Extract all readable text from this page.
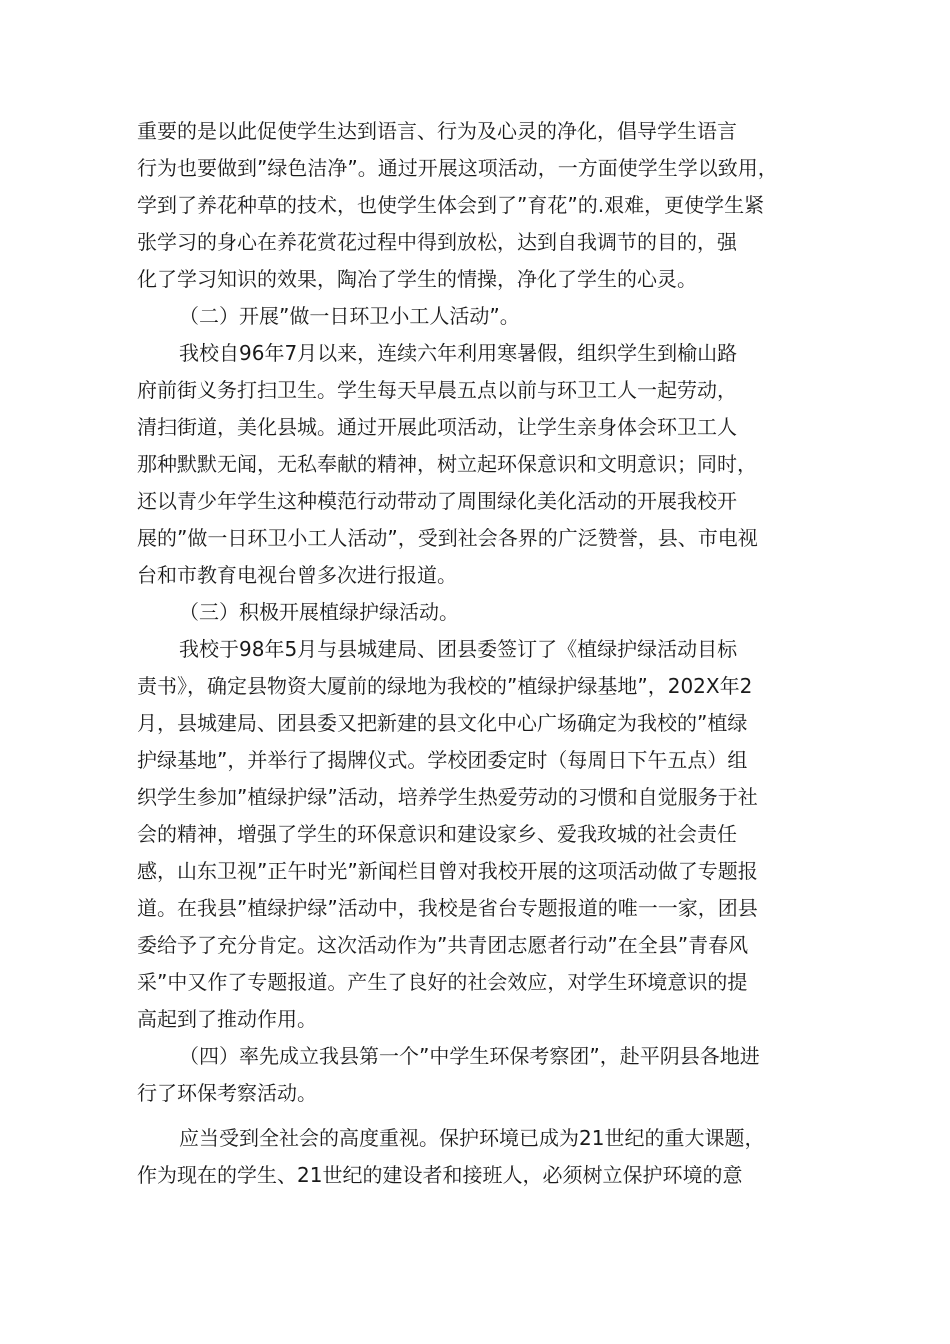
重要的是以此促使学生达到语言、行为及心灵的净化，倡导学生语言
行为也要做到”绿色洁净”。通过开展这项活动，一方面使学生学以致用，
学到了养花种草的技术，也使学生体会到了”育花”的.艰难，更使学生紧
张学习的身心在养花赏花过程中得到放松，达到自我调节的目的，强
化了学习知识的效果，陶冶了学生的情操，净化了学生的心灵。
（二）开展”做一日环卫小工人活动”。
我校自96年7月以来，连续六年利用寒暑假，组织学生到榆山路
府前街义务打扫卫生。学生每天早晨五点以前与环卫工人一起劳动，
清扫街道，美化县城。通过开展此项活动，让学生亲身体会环卫工人
那种默默无闻，无私奉献的精神，树立起环保意识和文明意识；同时，
还以青少年学生这种模范行动带动了周围绿化美化活动的开展我校开
展的”做一日环卫小工人活动”，受到社会各界的广泛赞誉，县、市电视
台和市教育电视台曾多次进行报道。
（三）积极开展植绿护绿活动。
我校于98年5月与县城建局、团县委签订了《植绿护绿活动目标
责书》，确定县物资大厦前的绿地为我校的”植绿护绿基地”，202X年2
月，县城建局、团县委又把新建的县文化中心广场确定为我校的”植绿
护绿基地”，并举行了揭牌仪式。学校团委定时（每周日下午五点）组
织学生参加”植绿护绿”活动，培养学生热爱劳动的习惯和自觉服务于社
会的精神，增强了学生的环保意识和建设家乡、爱我玫城的社会责任
感，山东卫视”正午时光”新闻栏目曾对我校开展的这项活动做了专题报
道。在我县”植绿护绿”活动中，我校是省台专题报道的唯一一家，团县
委给予了充分肯定。这次活动作为”共青团志愿者行动”在全县”青春风
采”中又作了专题报道。产生了良好的社会效应，对学生环境意识的提
高起到了推动作用。
（四）率先成立我县第一个”中学生环保考察团”，赴平阴县各地进
行了环保考察活动。
应当受到全社会的高度重视。保护环境已成为21世纪的重大课题，
作为现在的学生、21世纪的建设者和接班人，必须树立保护环境的意
